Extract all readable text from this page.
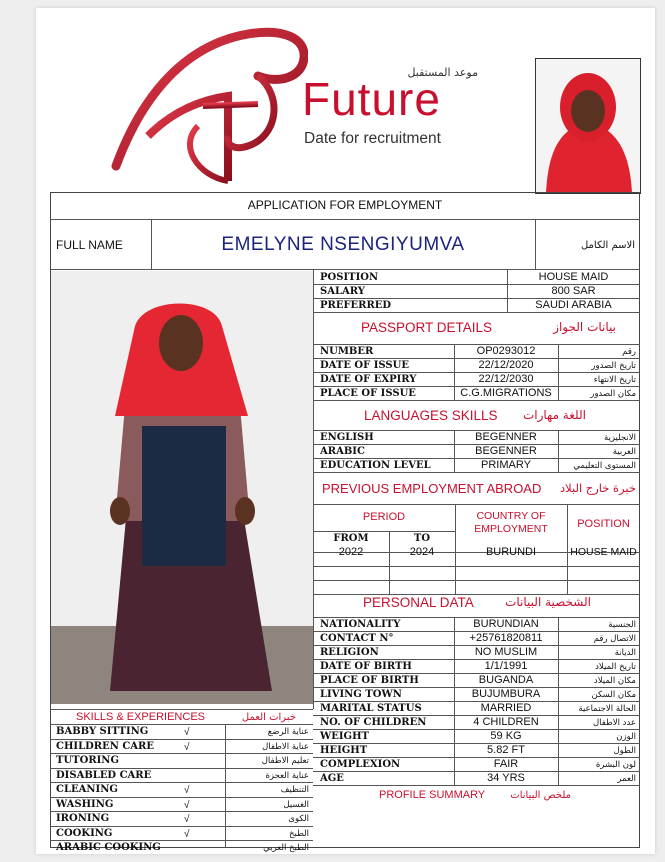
موعد المستقبل
Future
Date for recruitment
APPLICATION FOR EMPLOYMENT
FULL NAME	EMELYNE NSENGIYUMVA	الاسم الكامل
POSITION	HOUSE MAID
SALARY	800 SAR
PREFERRED	SAUDI ARABIA
PASSPORT DETAILS	بيانات الجواز
NUMBER	OP0293012	رقم
DATE OF ISSUE	22/12/2020	تاريخ الصدور
DATE OF EXPIRY	22/12/2030	تاريخ الانتهاء
PLACE OF ISSUE	C.G.MIGRATIONS	مكان الصدور
LANGUAGES SKILLS	اللغة مهارات
ENGLISH	BEGENNER	الانجليزية
ARABIC	BEGENNER	العربية
EDUCATION LEVEL	PRIMARY	المستوى التعليمي
PREVIOUS EMPLOYMENT ABROAD	خبرة خارج البلاد
PERIOD	COUNTRY OF EMPLOYMENT	POSITION
FROM	TO
2022	2024	BURUNDI	HOUSE MAID
PERSONAL DATA	الشخصية البيانات
NATIONALITY	BURUNDIAN	الجنسية
CONTACT N°	+25761820811	الاتصال رقم
RELIGION	NO MUSLIM	الديانة
DATE OF BIRTH	1/1/1991	تاريخ الميلاد
PLACE OF BIRTH	BUGANDA	مكان الميلاد
LIVING TOWN	BUJUMBURA	مكان السكن
MARITAL STATUS	MARRIED	الحالة الاجتماعية
NO. OF CHILDREN	4 CHILDREN	عدد الاطفال
WEIGHT	59 KG	الوزن
HEIGHT	5.82 FT	الطول
COMPLEXION	FAIR	لون البشرة
AGE	34 YRS	العمر
PROFILE SUMMARY	ملخص البيانات
SKILLS & EXPERIENCES	خبرات العمل
BABBY SITTING	√	عناية الرضع
CHILDREN CARE	√	عناية الاطفال
TUTORING	تعليم الاطفال
DISABLED CARE	عناية العجزة
CLEANING	√	التنظيف
WASHING	√	الغسيل
IRONING	√	الكوى
COOKING	√	الطبخ
ARABIC COOKING	الطبخ العربي
